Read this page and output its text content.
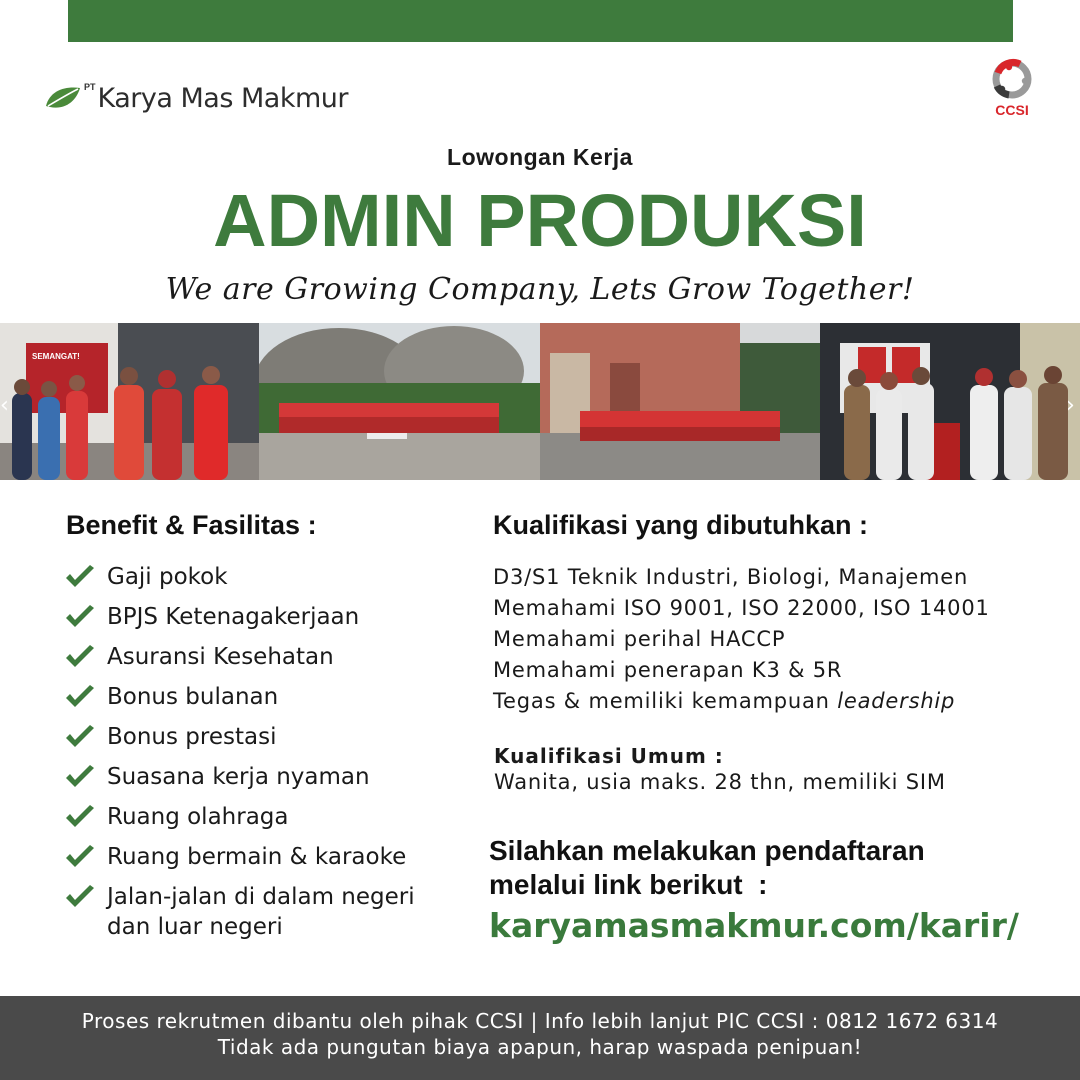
PT Karya Mas Makmur	CCSI
Lowongan Kerja
ADMIN PRODUKSI
We are Growing Company, Lets Grow Together!
SEMANGAT!
‹	›
Benefit & Fasilitas :
Gaji pokok
BPJS Ketenagakerjaan
Asuransi Kesehatan
Bonus bulanan
Bonus prestasi
Suasana kerja nyaman
Ruang olahraga
Ruang bermain & karaoke
Jalan-jalan di dalam negeri
dan luar negeri
Kualifikasi yang dibutuhkan :
D3/S1 Teknik Industri, Biologi, Manajemen
Memahami ISO 9001, ISO 22000, ISO 14001
Memahami perihal HACCP
Memahami penerapan K3 & 5R
Tegas & memiliki kemampuan leadership
Kualifikasi Umum :
Wanita, usia maks. 28 thn, memiliki SIM
Silahkan melakukan pendaftaran
melalui link berikut  :
karyamasmakmur.com/karir/
Proses rekrutmen dibantu oleh pihak CCSI | Info lebih lanjut PIC CCSI : 0812 1672 6314
Tidak ada pungutan biaya apapun, harap waspada penipuan!
